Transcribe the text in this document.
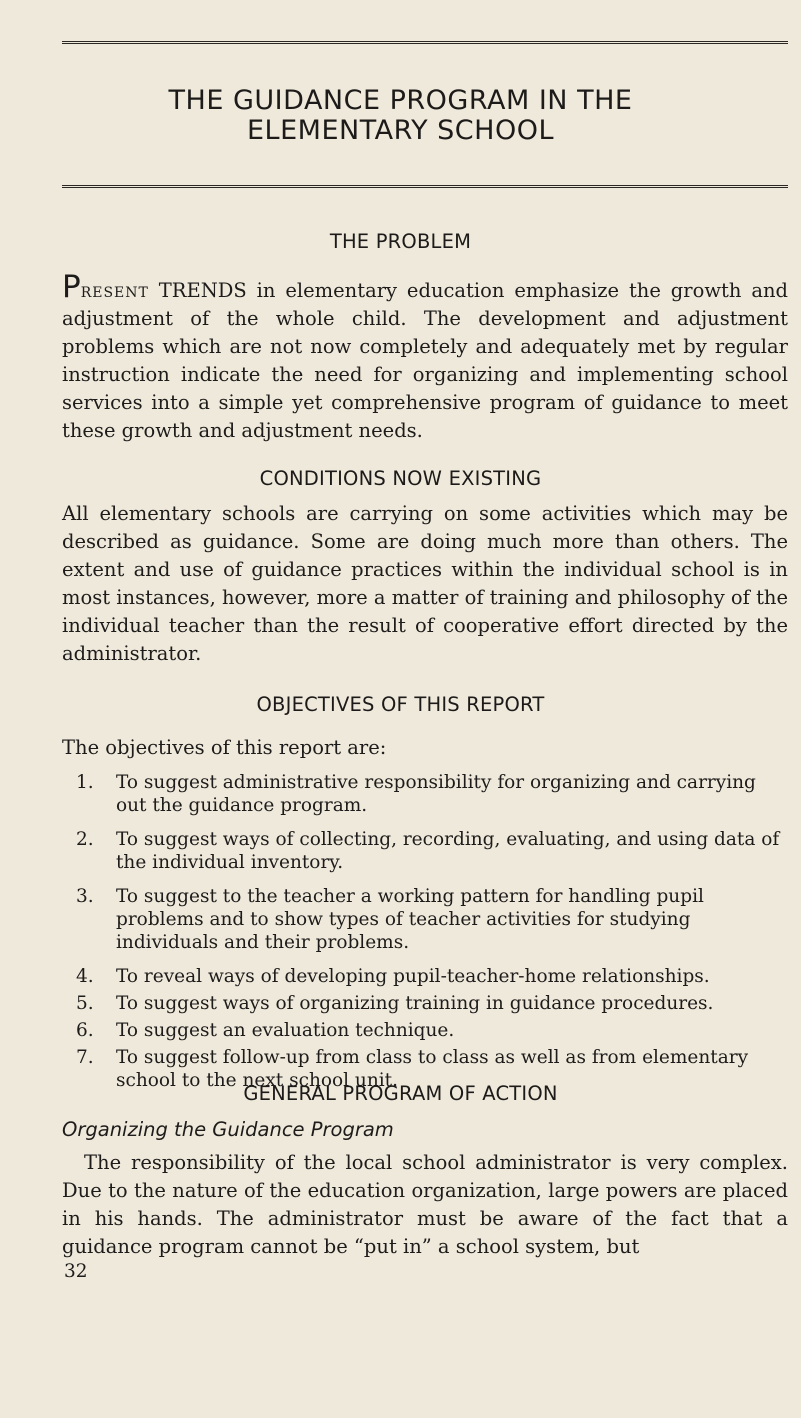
THE GUIDANCE PROGRAM IN THE
ELEMENTARY SCHOOL
THE PROBLEM

Present TRENDS in elementary education emphasize the growth and adjustment of the whole child. The development and adjustment problems which are not now completely and adequately met by regular instruction indicate the need for organizing and implementing school services into a simple yet comprehensive program of guidance to meet these growth and adjustment needs.

CONDITIONS NOW EXISTING

All elementary schools are carrying on some activities which may be described as guidance. Some are doing much more than others. The extent and use of guidance practices within the individual school is in most instances, however, more a matter of training and philosophy of the individual teacher than the result of cooperative effort directed by the administrator.

OBJECTIVES OF THIS REPORT

The objectives of this report are:

1. To suggest administrative responsibility for organizing and carrying out the guidance program.
2. To suggest ways of collecting, recording, evaluating, and using data of the individual inventory.
3. To suggest to the teacher a working pattern for handling pupil problems and to show types of teacher activities for studying individuals and their problems.
4. To reveal ways of developing pupil-teacher-home relationships.
5. To suggest ways of organizing training in guidance procedures.
6. To suggest an evaluation technique.
7. To suggest follow-up from class to class as well as from elementary school to the next school unit.
GENERAL PROGRAM OF ACTION
Organizing the Guidance Program

The responsibility of the local school administrator is very complex. Due to the nature of the education organization, large powers are placed in his hands. The administrator must be aware of the fact that a guidance program cannot be “put in” a school system, but

32
